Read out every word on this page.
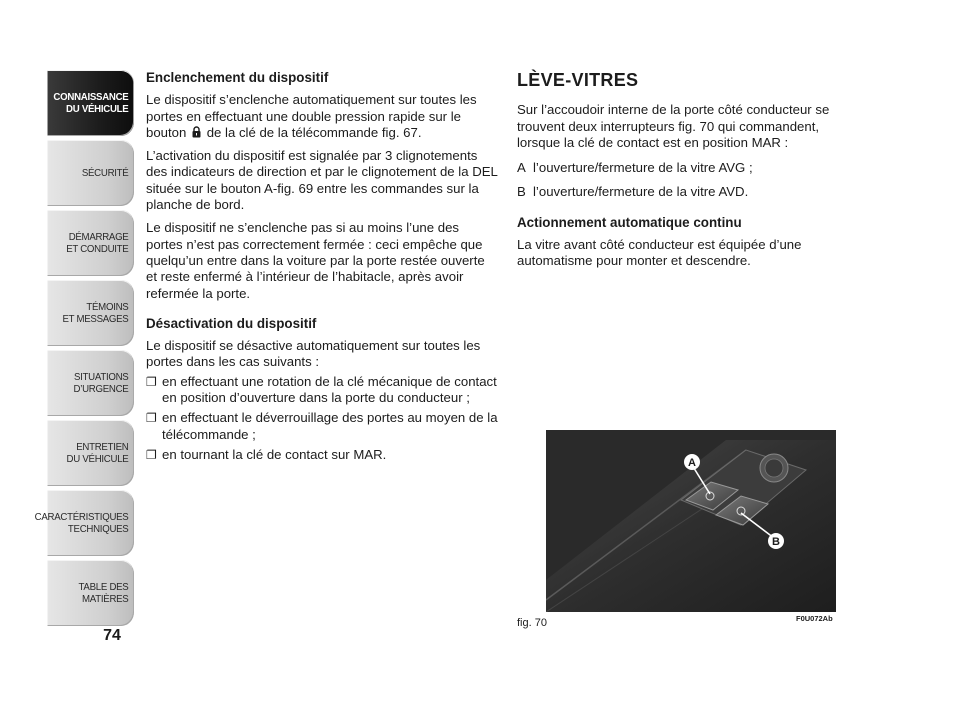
CONNAISSANCE
DU VÉHICULE
SÉCURITÉ
DÉMARRAGE
ET CONDUITE
TÉMOINS
ET MESSAGES
SITUATIONS
D’URGENCE
ENTRETIEN
DU VÉHICULE
CARACTÉRISTIQUES
TECHNIQUES
TABLE DES
MATIÈRES
74
Enclenchement du dispositif

Le dispositif s’enclenche automatiquement sur toutes les portes en effectuant une double pression rapide sur le bouton de la clé de la télécommande fig. 67.

L’activation du dispositif est signalée par 3 clignotements des indicateurs de direction et par le clignotement de la DEL située sur le bouton A-fig. 69 entre les commandes sur la planche de bord.

Le dispositif ne s’enclenche pas si au moins l’une des portes n’est pas correctement fermée : ceci empêche que quelqu’un entre dans la voiture par la porte restée ouverte et reste enfermé à l’intérieur de l’habitacle, après avoir refermée la porte.

Désactivation du dispositif

Le dispositif se désactive automatiquement sur toutes les portes dans les cas suivants :

❐ en effectuant une rotation de la clé mécanique de contact en position d’ouverture dans la porte du conducteur ;
❐ en effectuant le déverrouillage des portes au moyen de la télécommande ;
❐ en tournant la clé de contact sur MAR.
LÈVE-VITRES

Sur l’accoudoir interne de la porte côté conducteur se trouvent deux interrupteurs fig. 70 qui commandent, lorsque la clé de contact est en position MAR :

A l’ouverture/fermeture de la vitre AVG ;
B l’ouverture/fermeture de la vitre AVD.
Actionnement automatique continu

La vitre avant côté conducteur est équipée d’une automatisme pour monter et descendre.

A
B
fig. 70	F0U072Ab
